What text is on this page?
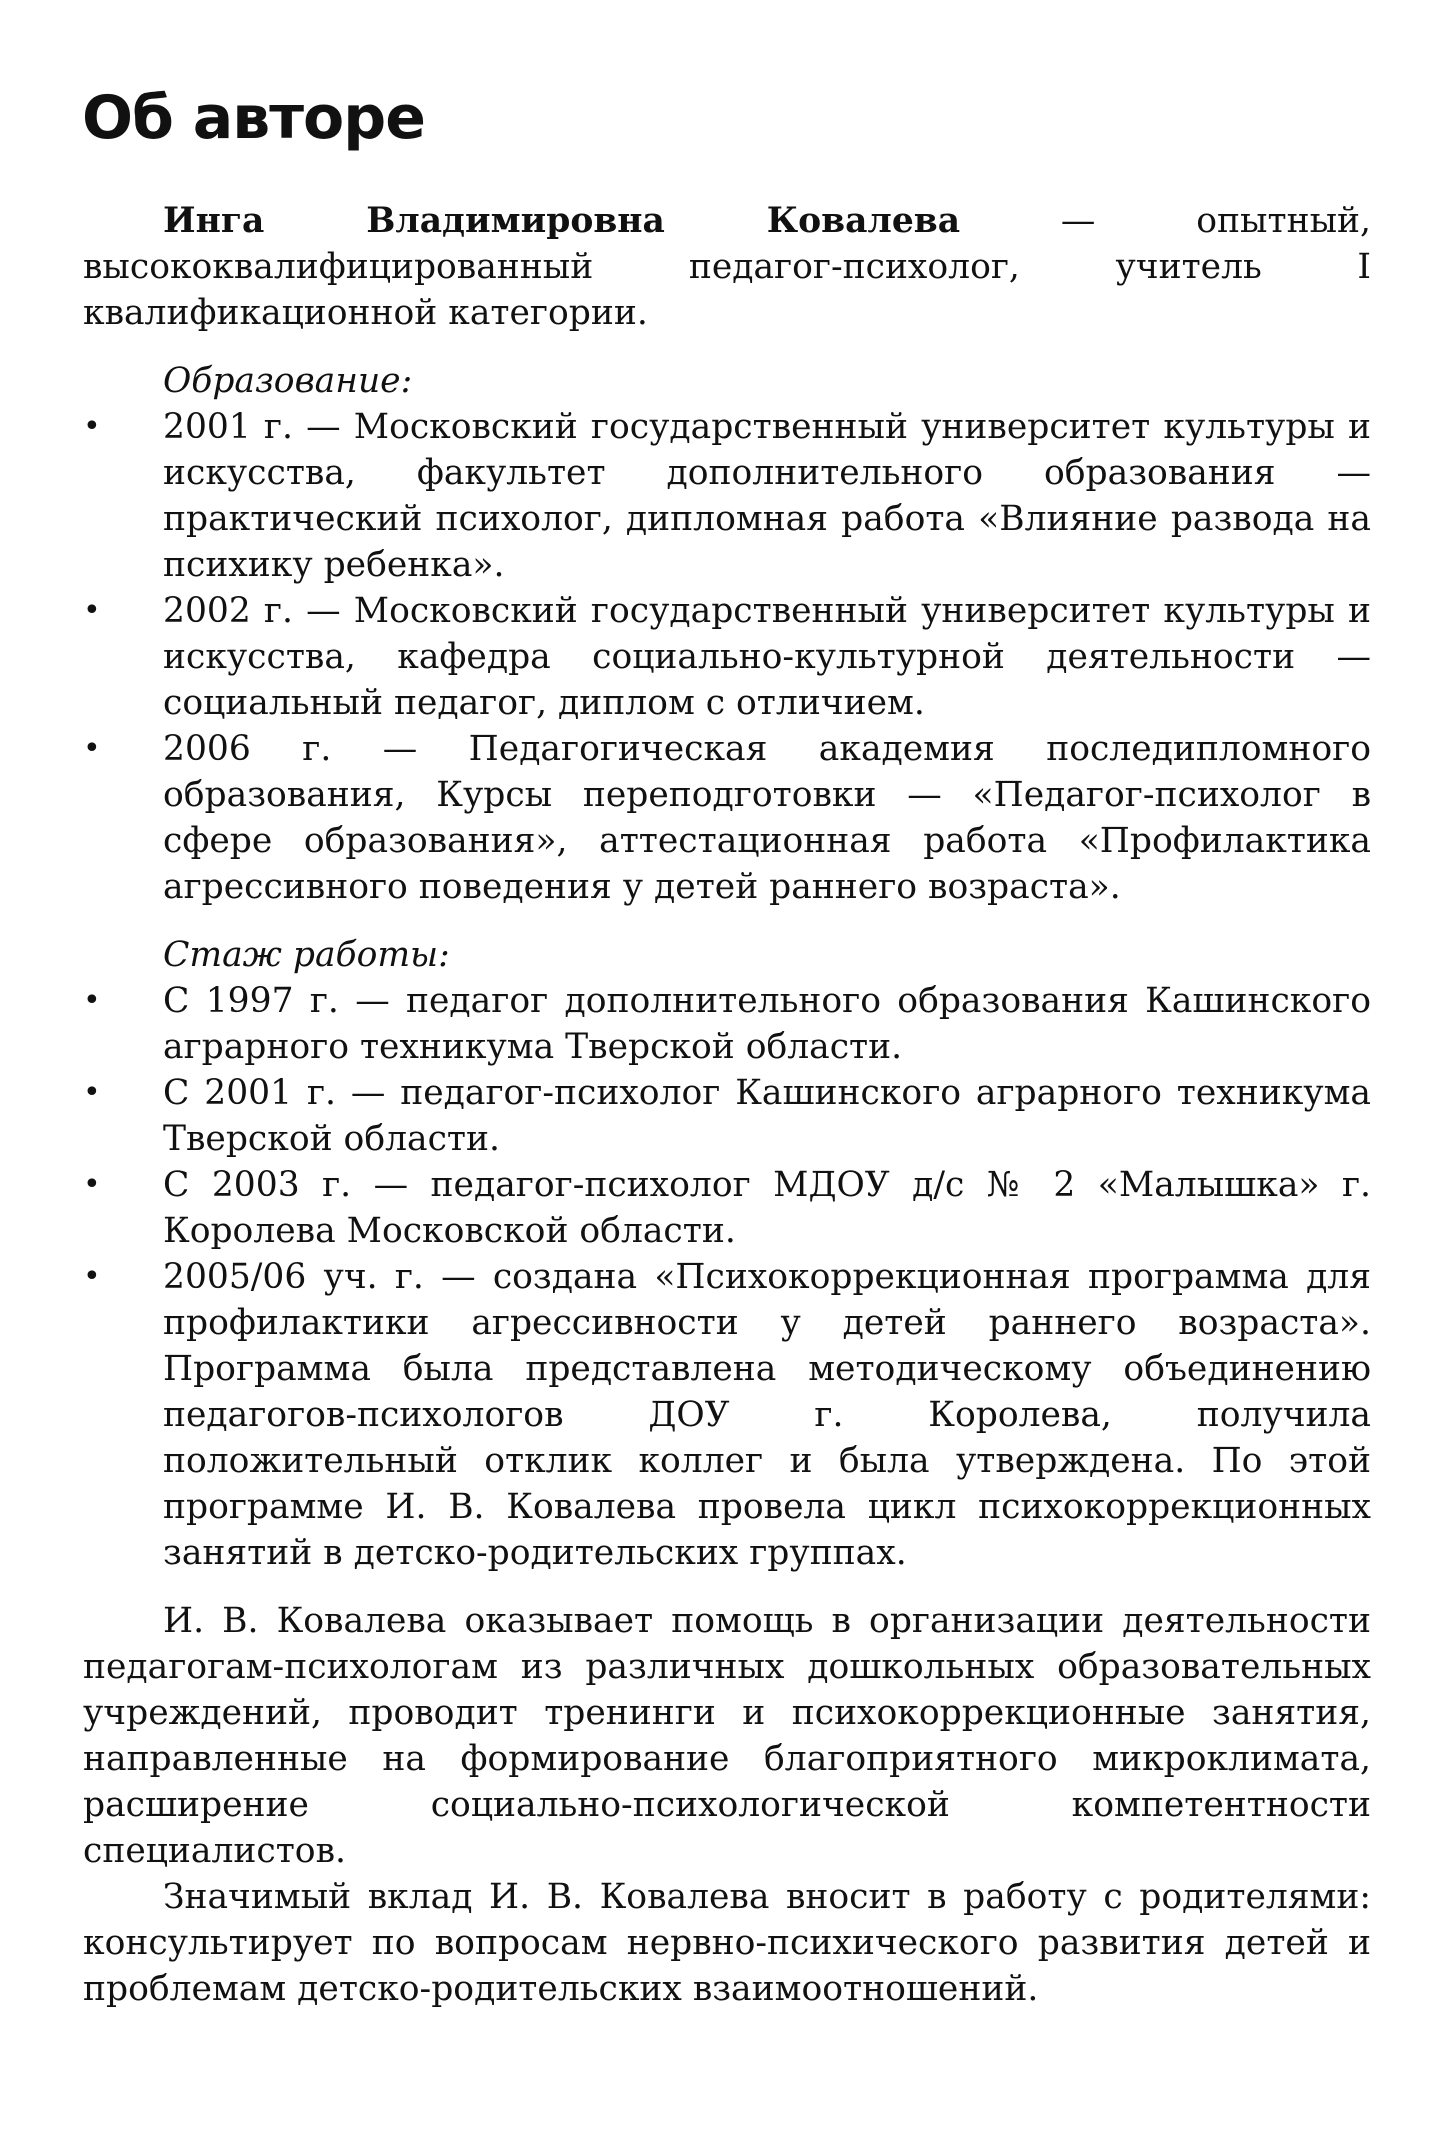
Об авторе

Инга Владимировна Ковалева — опытный, высококвалифицированный педагог-психолог, учитель I квалификационной категории.

Образование:

• 2001 г. — Московский государственный университет культуры и искусства, факультет дополнительного образования — практический психолог, дипломная работа «Влияние развода на психику ребенка».
• 2002 г. — Московский государственный университет культуры и искусства, кафедра социально-культурной деятельности — социальный педагог, диплом с отличием.
• 2006 г. — Педагогическая академия последипломного образования, Курсы переподготовки — «Педагог-психолог в сфере образования», аттестационная работа «Профилактика агрессивного поведения у детей раннего возраста».

Стаж работы:

• С 1997 г. — педагог дополнительного образования Кашинского аграрного техникума Тверской области.
• С 2001 г. — педагог-психолог Кашинского аграрного техникума Тверской области.
• С 2003 г. — педагог-психолог МДОУ д/с № 2 «Малышка» г. Королева Московской области.
• 2005/06 уч. г. — создана «Психокоррекционная программа для профилактики агрессивности у детей раннего возраста». Программа была представлена методическому объединению педагогов-психологов ДОУ г. Королева, получила положительный отклик коллег и была утверждена. По этой программе И. В. Ковалева провела цикл психокоррекционных занятий в детско-родительских группах.

И. В. Ковалева оказывает помощь в организации деятельности педагогам-психологам из различных дошкольных образовательных учреждений, проводит тренинги и психокоррекционные занятия, направленные на формирование благоприятного микроклимата, расширение социально-психологической компетентности специалистов.

Значимый вклад И. В. Ковалева вносит в работу с родителями: консультирует по вопросам нервно-психического развития детей и проблемам детско-родительских взаимоотношений.
